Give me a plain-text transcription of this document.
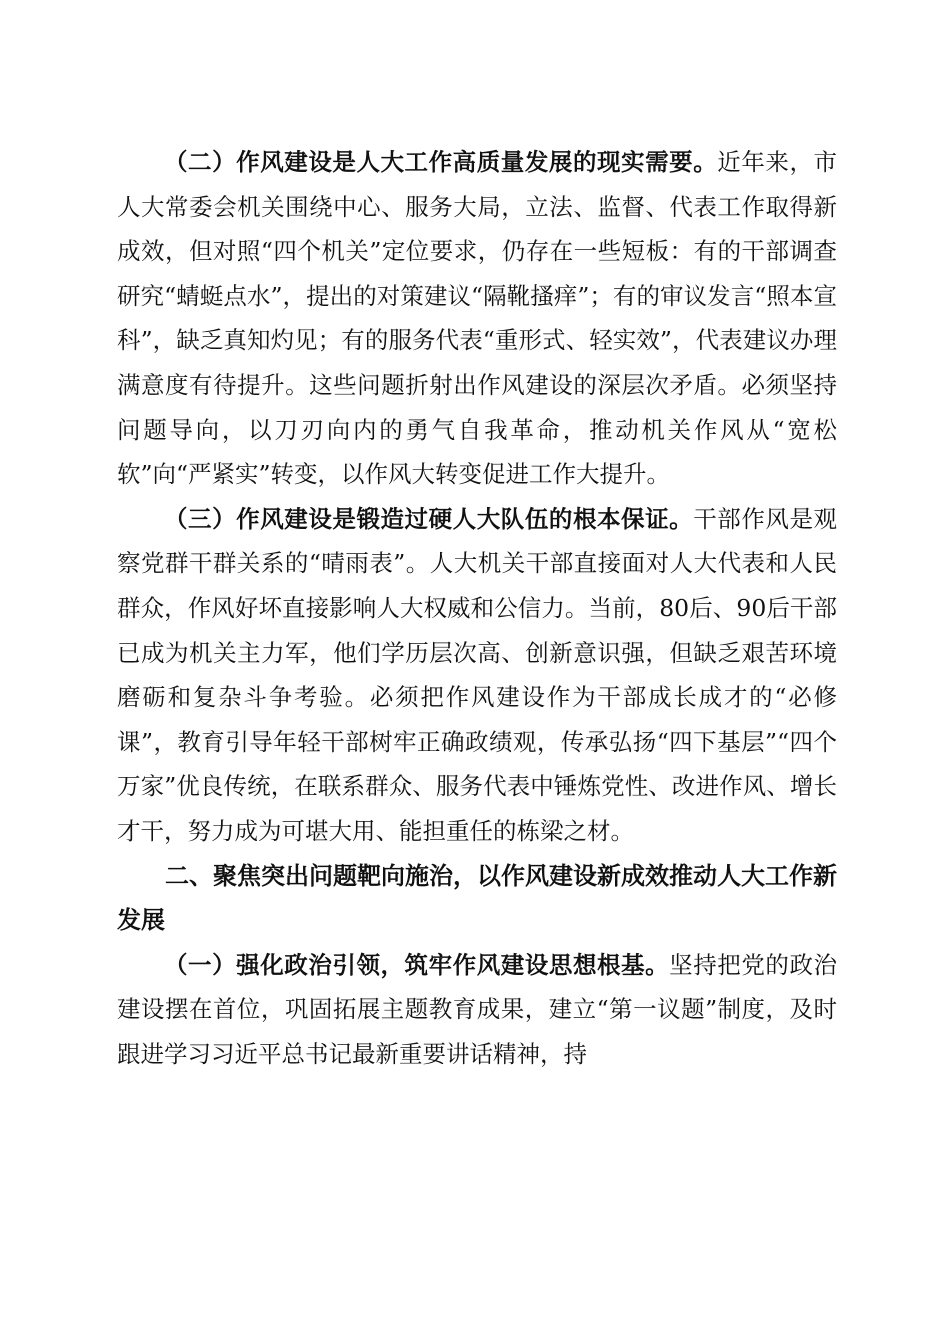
（二）作风建设是人大工作高质量发展的现实需要。近年来，市人大常委会机关围绕中心、服务大局，立法、监督、代表工作取得新成效，但对照“四个机关”定位要求，仍存在一些短板：有的干部调查研究“蜻蜓点水”，提出的对策建议“隔靴搔痒”；有的审议发言“照本宣科”，缺乏真知灼见；有的服务代表“重形式、轻实效”，代表建议办理满意度有待提升。这些问题折射出作风建设的深层次矛盾。必须坚持问题导向，以刀刃向内的勇气自我革命，推动机关作风从“宽松软”向“严紧实”转变，以作风大转变促进工作大提升。

（三）作风建设是锻造过硬人大队伍的根本保证。干部作风是观察党群干群关系的“晴雨表”。人大机关干部直接面对人大代表和人民群众，作风好坏直接影响人大权威和公信力。当前，80后、90后干部已成为机关主力军，他们学历层次高、创新意识强，但缺乏艰苦环境磨砺和复杂斗争考验。必须把作风建设作为干部成长成才的“必修课”，教育引导年轻干部树牢正确政绩观，传承弘扬“四下基层”“四个万家”优良传统，在联系群众、服务代表中锤炼党性、改进作风、增长才干，努力成为可堪大用、能担重任的栋梁之材。

二、聚焦突出问题靶向施治，以作风建设新成效推动人大工作新发展

（一）强化政治引领，筑牢作风建设思想根基。坚持把党的政治建设摆在首位，巩固拓展主题教育成果，建立“第一议题”制度，及时跟进学习习近平总书记最新重要讲话精神，持
